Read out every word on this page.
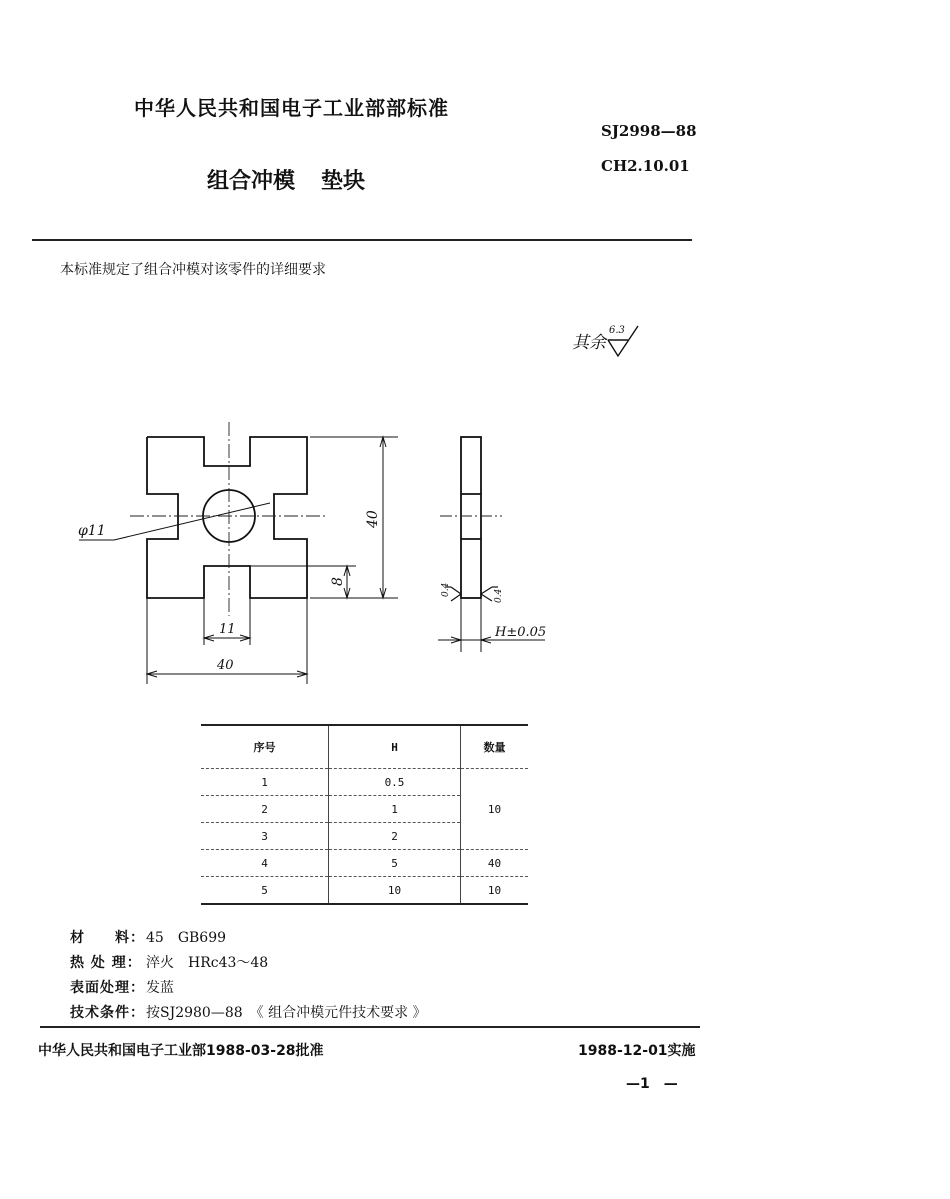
中华人民共和国电子工业部部标准
SJ2998—88
组合冲模 垫块
CH2.10.01
本标准规定了组合冲模对该零件的详细要求
其余
6.3
φ11
40
8
11
40
0.4	0.4
H±0.05
序号	H	数量
1	0.5	10
2	1	
3	2	
4	5	40
5	10	10
材　　料：45　GB699
热 处 理： 淬火　HRc43～48
表面处理：发蓝
技术条件：按SJ2980—88　《 组合冲模元件技术要求 》
中华人民共和国电子工业部1988-03-28批准	1988-12-01实施
—1　—
